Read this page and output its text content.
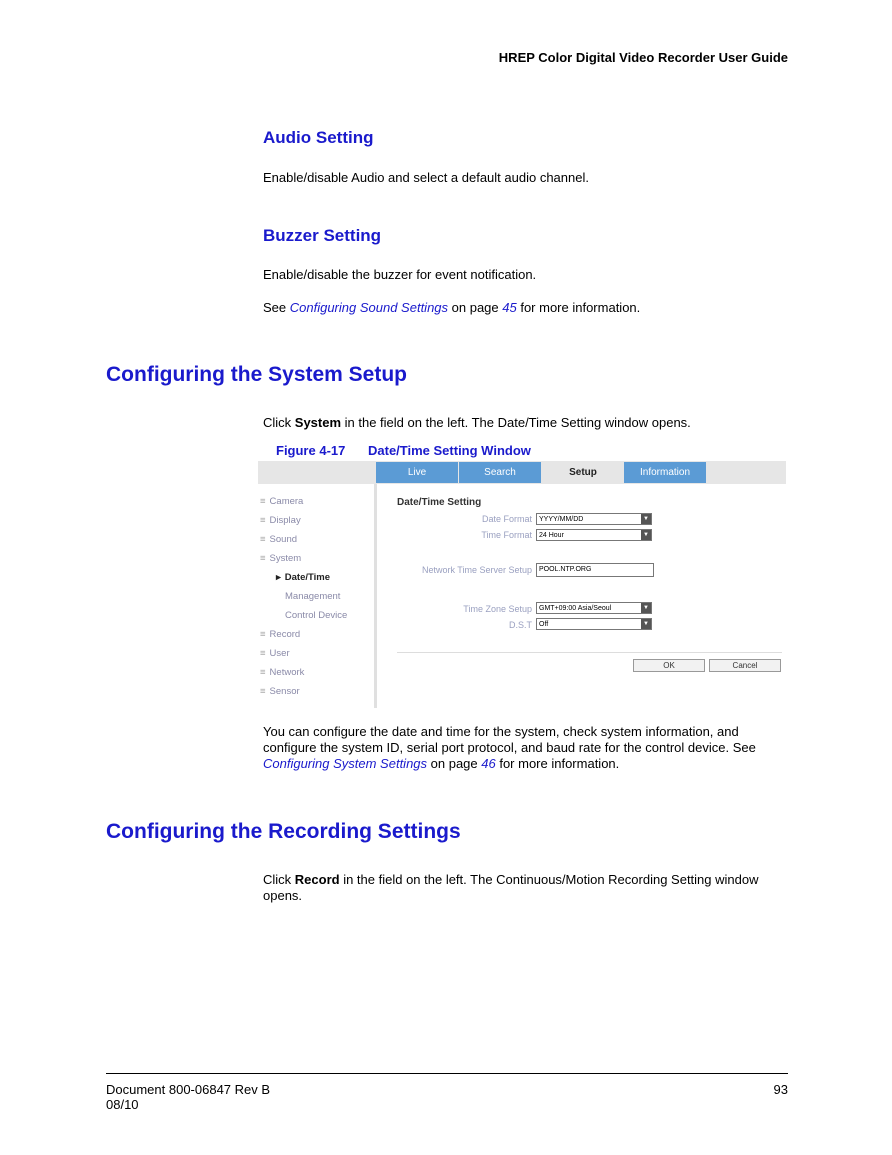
HREP Color Digital Video Recorder User Guide
Audio Setting
Enable/disable Audio and select a default audio channel.
Buzzer Setting
Enable/disable the buzzer for event notification.
See Configuring Sound Settings on page 45 for more information.
Configuring the System Setup
Click System in the field on the left. The Date/Time Setting window opens.
Figure 4-17 Date/Time Setting Window
Live	Search	Setup	Information
≡ Camera
≡ Display
≡ Sound
≡ System
▸ Date/Time
Management
Control Device
≡ Record
≡ User
≡ Network
≡ Sensor
Date/Time Setting
Date Format	YYYY/MM/DD	▼
Time Format	24 Hour	▼
Network Time Server Setup	POOL.NTP.ORG
Time Zone Setup	GMT+09:00 Asia/Seoul	▼
D.S.T	Off	▼
OK	Cancel
You can configure the date and time for the system, check system information, and configure the system ID, serial port protocol, and baud rate for the control device. See Configuring System Settings on page 46 for more information.
Configuring the Recording Settings
Click Record in the field on the left. The Continuous/Motion Recording Setting window opens.
Document 800-06847 Rev B
08/10
93
